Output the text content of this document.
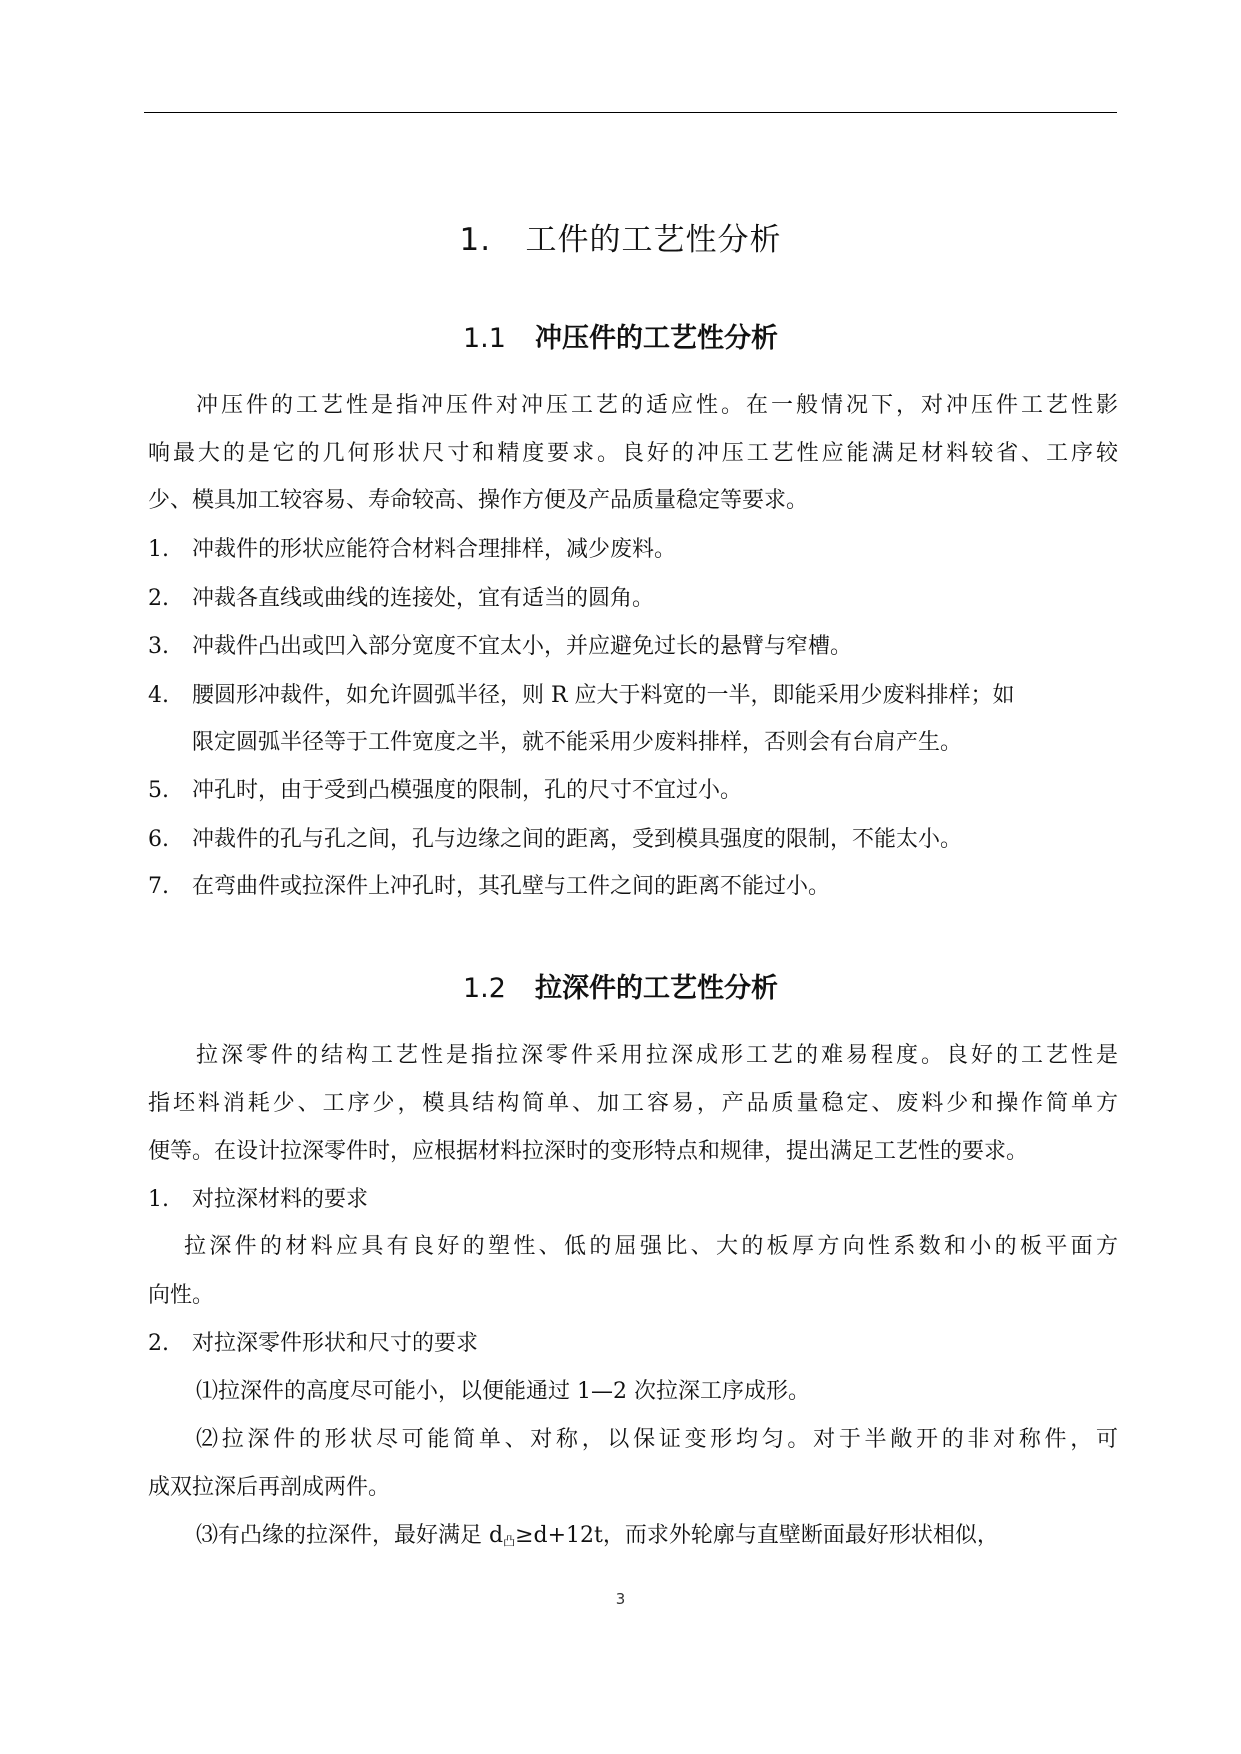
1. 工件的工艺性分析
1.1 冲压件的工艺性分析
冲压件的工艺性是指冲压件对冲压工艺的适应性。在一般情况下，对冲压件工艺性影
响最大的是它的几何形状尺寸和精度要求。良好的冲压工艺性应能满足材料较省、工序较
少、模具加工较容易、寿命较高、操作方便及产品质量稳定等要求。
1. 冲裁件的形状应能符合材料合理排样，减少废料。
2. 冲裁各直线或曲线的连接处，宜有适当的圆角。
3. 冲裁件凸出或凹入部分宽度不宜太小，并应避免过长的悬臂与窄槽。
4. 腰圆形冲裁件，如允许圆弧半径，则 R 应大于料宽的一半，即能采用少废料排样；如
限定圆弧半径等于工件宽度之半，就不能采用少废料排样，否则会有台肩产生。
5. 冲孔时，由于受到凸模强度的限制，孔的尺寸不宜过小。
6. 冲裁件的孔与孔之间，孔与边缘之间的距离，受到模具强度的限制，不能太小。
7. 在弯曲件或拉深件上冲孔时，其孔壁与工件之间的距离不能过小。
1.2 拉深件的工艺性分析
拉深零件的结构工艺性是指拉深零件采用拉深成形工艺的难易程度。良好的工艺性是
指坯料消耗少、工序少，模具结构简单、加工容易，产品质量稳定、废料少和操作简单方
便等。在设计拉深零件时，应根据材料拉深时的变形特点和规律，提出满足工艺性的要求。
1. 对拉深材料的要求
拉深件的材料应具有良好的塑性、低的屈强比、大的板厚方向性系数和小的板平面方
向性。
2. 对拉深零件形状和尺寸的要求
⑴拉深件的高度尽可能小，以便能通过 1—2 次拉深工序成形。
⑵拉深件的形状尽可能简单、对称，以保证变形均匀。对于半敞开的非对称件，可
成双拉深后再剖成两件。
⑶有凸缘的拉深件，最好满足 $d_凸\ge d+12t$，而求外轮廓与直壁断面最好形状相似，
3
